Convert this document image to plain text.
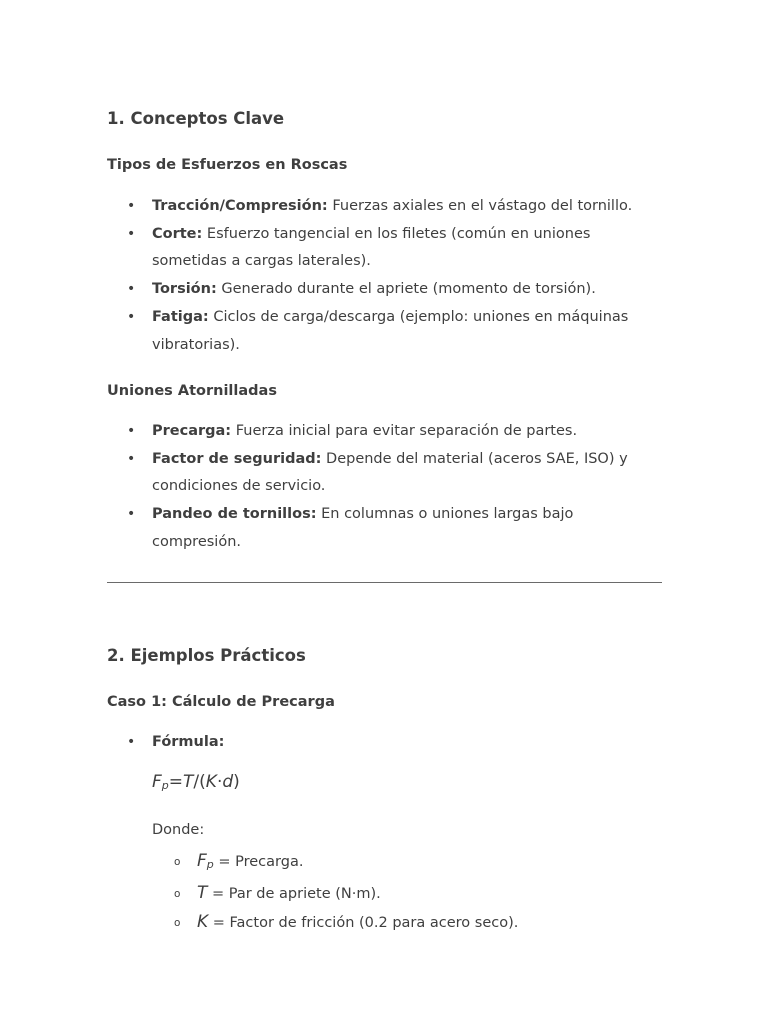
1. Conceptos Clave
Tipos de Esfuerzos en Roscas
• Tracción/Compresión: Fuerzas axiales en el vástago del tornillo.
• Corte: Esfuerzo tangencial en los filetes (común en uniones sometidas a cargas laterales).
• Torsión: Generado durante el apriete (momento de torsión).
• Fatiga: Ciclos de carga/descarga (ejemplo: uniones en máquinas vibratorias).
Uniones Atornilladas
• Precarga: Fuerza inicial para evitar separación de partes.
• Factor de seguridad: Depende del material (aceros SAE, ISO) y condiciones de servicio.
• Pandeo de tornillos: En columnas o uniones largas bajo compresión.
2. Ejemplos Prácticos
Caso 1: Cálculo de Precarga
• Fórmula:
Fp=T/(K·d)
Donde:
o Fp = Precarga.
o T = Par de apriete (N·m).
o K = Factor de fricción (0.2 para acero seco).
